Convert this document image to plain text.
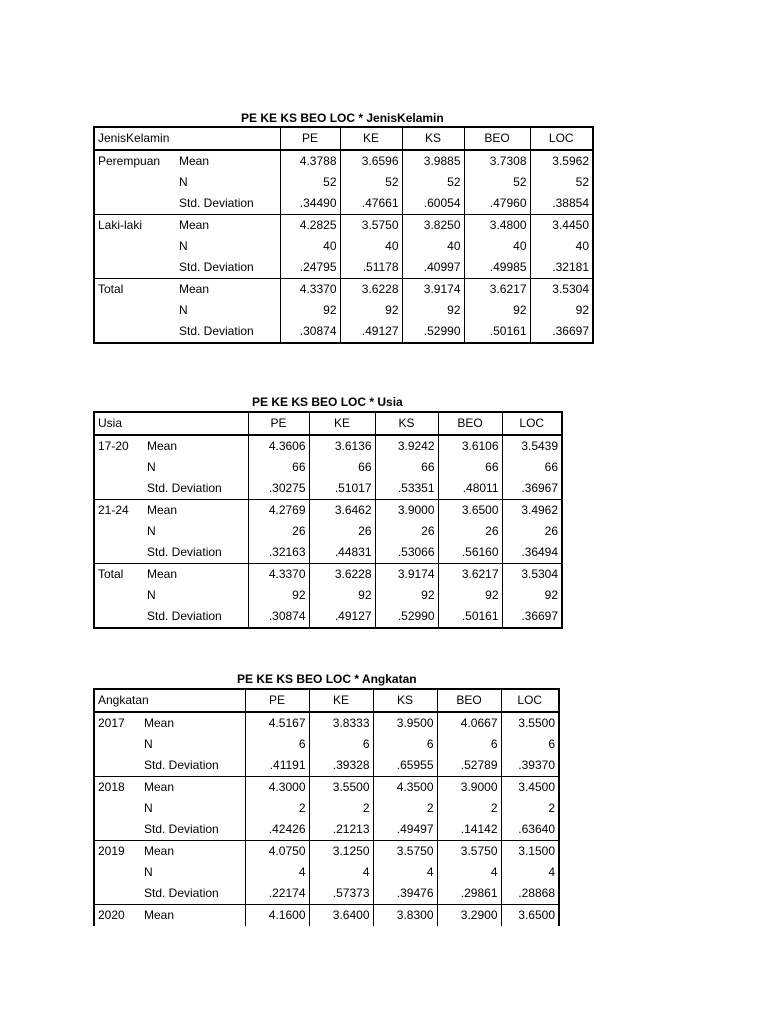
PE KE KS BEO LOC * JenisKelamin
JenisKelamin		PE	KE	KS	BEO	LOC
Perempuan	Mean	4.3788	3.6596	3.9885	3.7308	3.5962
	N	52	52	52	52	52
	Std. Deviation	.34490	.47661	.60054	.47960	.38854
Laki-laki	Mean	4.2825	3.5750	3.8250	3.4800	3.4450
	N	40	40	40	40	40
	Std. Deviation	.24795	.51178	.40997	.49985	.32181
Total	Mean	4.3370	3.6228	3.9174	3.6217	3.5304
	N	92	92	92	92	92
	Std. Deviation	.30874	.49127	.52990	.50161	.36697
PE KE KS BEO LOC * Usia
Usia		PE	KE	KS	BEO	LOC
17-20	Mean	4.3606	3.6136	3.9242	3.6106	3.5439
	N	66	66	66	66	66
	Std. Deviation	.30275	.51017	.53351	.48011	.36967
21-24	Mean	4.2769	3.6462	3.9000	3.6500	3.4962
	N	26	26	26	26	26
	Std. Deviation	.32163	.44831	.53066	.56160	.36494
Total	Mean	4.3370	3.6228	3.9174	3.6217	3.5304
	N	92	92	92	92	92
	Std. Deviation	.30874	.49127	.52990	.50161	.36697
PE KE KS BEO LOC * Angkatan
Angkatan		PE	KE	KS	BEO	LOC
2017	Mean	4.5167	3.8333	3.9500	4.0667	3.5500
	N	6	6	6	6	6
	Std. Deviation	.41191	.39328	.65955	.52789	.39370
2018	Mean	4.3000	3.5500	4.3500	3.9000	3.4500
	N	2	2	2	2	2
	Std. Deviation	.42426	.21213	.49497	.14142	.63640
2019	Mean	4.0750	3.1250	3.5750	3.5750	3.1500
	N	4	4	4	4	4
	Std. Deviation	.22174	.57373	.39476	.29861	.28868
2020	Mean	4.1600	3.6400	3.8300	3.2900	3.6500
